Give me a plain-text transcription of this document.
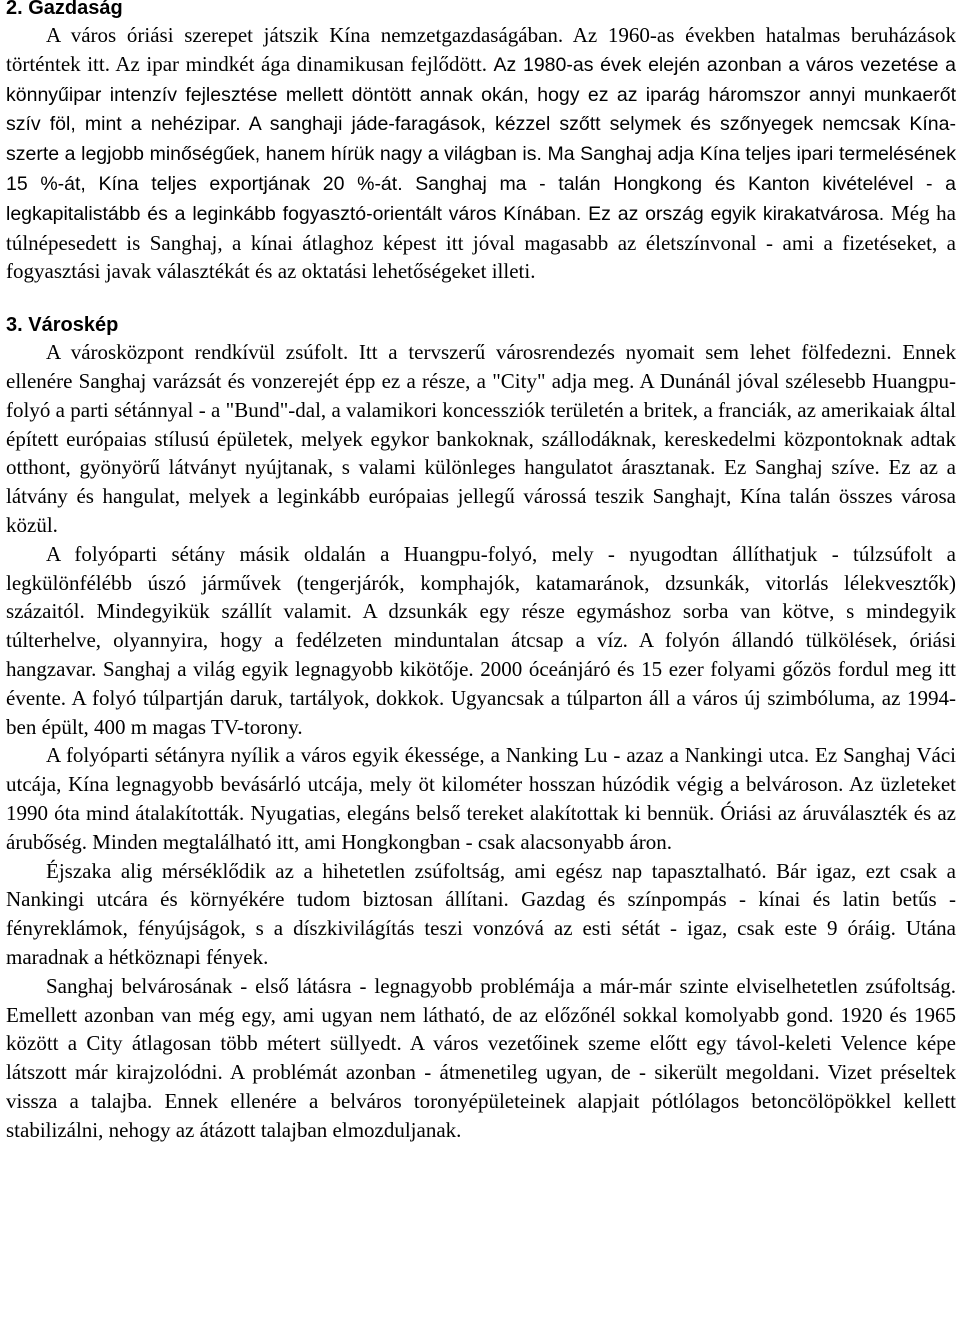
2. Gazdaság

A város óriási szerepet játszik Kína nemzetgazdaságában. Az 1960-as években hatalmas beruházások történtek itt. Az ipar mindkét ága dinamikusan fejlődött. Az 1980-as évek elején azonban a város vezetése a könnyűipar intenzív fejlesztése mellett döntött annak okán, hogy ez az iparág háromszor annyi munkaerőt szív föl, mint a nehézipar. A sanghaji jáde-faragások, kézzel szőtt selymek és szőnyegek nemcsak Kína-szerte a legjobb minőségűek, hanem hírük nagy a világban is. Ma Sanghaj adja Kína teljes ipari termelésének 15 %-át, Kína teljes exportjának 20 %-át. Sanghaj ma - talán Hongkong és Kanton kivételével - a legkapitalistább és a leginkább fogyasztó-orientált város Kínában. Ez az ország egyik kirakatvárosa. Még ha túlnépesedett is Sanghaj, a kínai átlaghoz képest itt jóval magasabb az életszínvonal - ami a fizetéseket, a fogyasztási javak választékát és az oktatási lehetőségeket illeti.

3. Városkép

A városközpont rendkívül zsúfolt. Itt a tervszerű városrendezés nyomait sem lehet fölfedezni. Ennek ellenére Sanghaj varázsát és vonzerejét épp ez a része, a "City" adja meg. A Dunánál jóval szélesebb Huangpu-folyó a parti sétánnyal - a "Bund"-dal, a valamikori koncessziók területén a britek, a franciák, az amerikaiak által épített európaias stílusú épületek, melyek egykor bankoknak, szállodáknak, kereskedelmi központoknak adtak otthont, gyönyörű látványt nyújtanak, s valami különleges hangulatot árasztanak. Ez Sanghaj szíve. Ez az a látvány és hangulat, melyek a leginkább európaias jellegű várossá teszik Sanghajt, Kína talán összes városa közül.

A folyóparti sétány másik oldalán a Huangpu-folyó, mely - nyugodtan állíthatjuk - túlzsúfolt a legkülönfélébb úszó járművek (tengerjárók, komphajók, katamaránok, dzsunkák, vitorlás lélekvesztők) százaitól. Mindegyikük szállít valamit. A dzsunkák egy része egymáshoz sorba van kötve, s mindegyik túlterhelve, olyannyira, hogy a fedélzeten minduntalan átcsap a víz. A folyón állandó tülkölések, óriási hangzavar. Sanghaj a világ egyik legnagyobb kikötője. 2000 óceánjáró és 15 ezer folyami gőzös fordul meg itt évente. A folyó túlpartján daruk, tartályok, dokkok. Ugyancsak a túlparton áll a város új szimbóluma, az 1994-ben épült, 400 m magas TV-torony.

A folyóparti sétányra nyílik a város egyik ékessége, a Nanking Lu - azaz a Nankingi utca. Ez Sanghaj Váci utcája, Kína legnagyobb bevásárló utcája, mely öt kilométer hosszan húzódik végig a belvároson. Az üzleteket 1990 óta mind átalakították. Nyugatias, elegáns belső tereket alakítottak ki bennük. Óriási az áruválaszték és az árubőség. Minden megtalálható itt, ami Hongkongban - csak alacsonyabb áron.

Éjszaka alig mérséklődik az a hihetetlen zsúfoltság, ami egész nap tapasztalható. Bár igaz, ezt csak a Nankingi utcára és környékére tudom biztosan állítani. Gazdag és színpompás - kínai és latin betűs - fényreklámok, fényújságok, s a díszkivilágítás teszi vonzóvá az esti sétát - igaz, csak este 9 óráig. Utána maradnak a hétköznapi fények.

Sanghaj belvárosának - első látásra - legnagyobb problémája a már-már szinte elviselhetetlen zsúfoltság. Emellett azonban van még egy, ami ugyan nem látható, de az előzőnél sokkal komolyabb gond. 1920 és 1965 között a City átlagosan több métert süllyedt. A város vezetőinek szeme előtt egy távol-keleti Velence képe látszott már kirajzolódni. A problémát azonban - átmenetileg ugyan, de - sikerült megoldani. Vizet préseltek vissza a talajba. Ennek ellenére a belváros toronyépületeinek alapjait pótlólagos betoncölöpökkel kellett stabilizálni, nehogy az átázott talajban elmozduljanak.
